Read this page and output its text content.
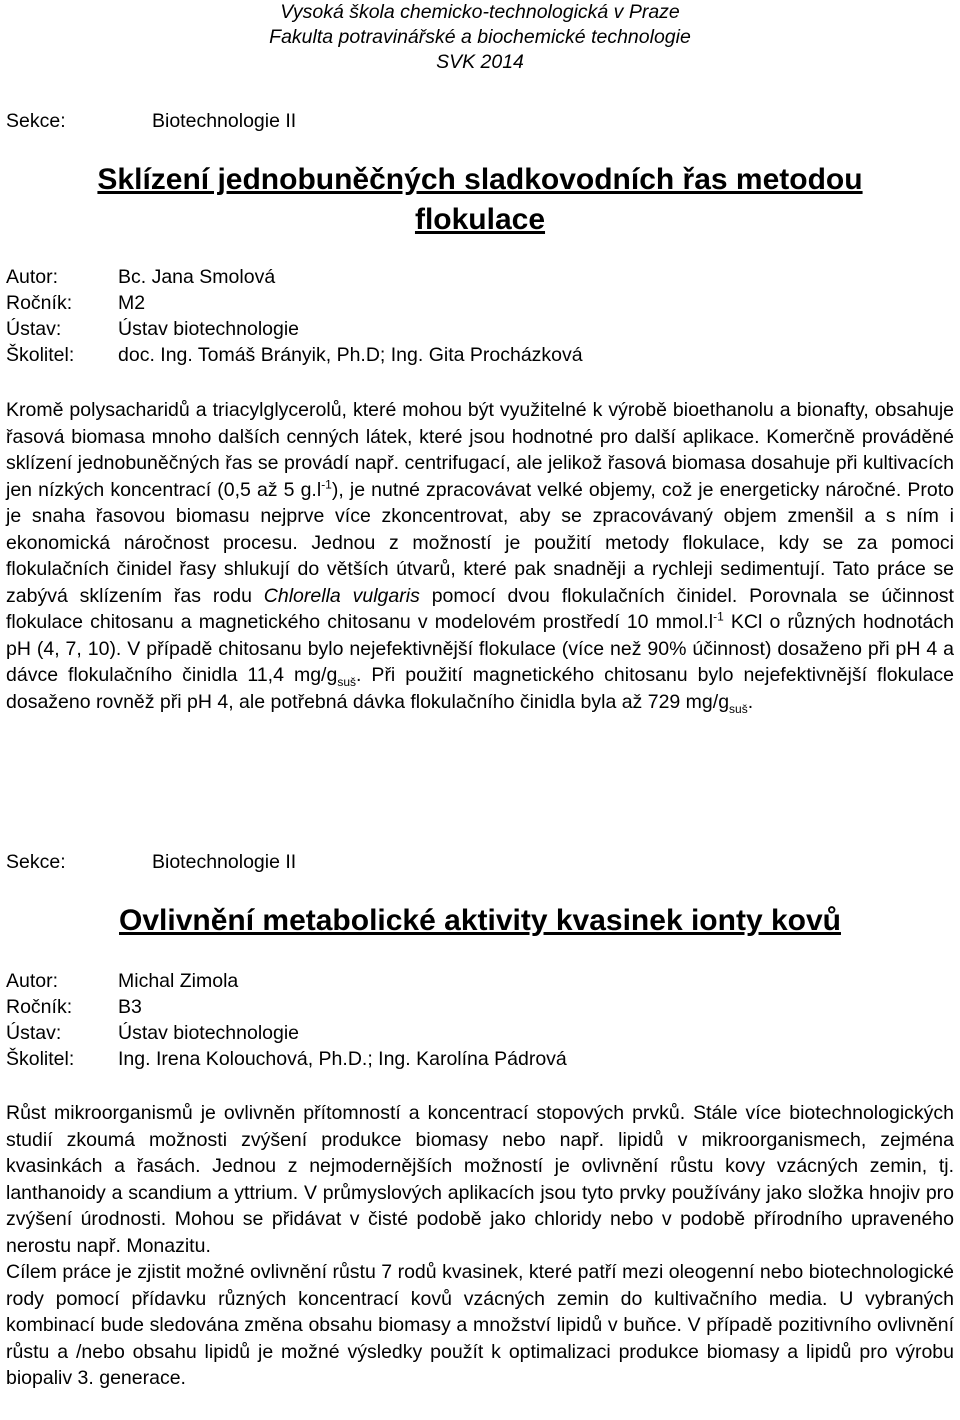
Vysoká škola chemicko-technologická v Praze
Fakulta potravinářské a biochemické technologie
SVK 2014
Sekce:	Biotechnologie II
Sklízení jednobuněčných sladkovodních řas metodou
flokulace
Autor:	Bc. Jana Smolová
Ročník: M2
Ústav:	Ústav biotechnologie
Školitel: doc. Ing. Tomáš Brányik, Ph.D; Ing. Gita Procházková

Kromě polysacharidů a triacylglycerolů, které mohou být využitelné k výrobě bioethanolu a bionafty, obsahuje řasová biomasa mnoho dalších cenných látek, které jsou hodnotné pro další aplikace. Komerčně prováděné sklízení jednobuněčných řas se provádí např. centrifugací, ale jelikož řasová biomasa dosahuje při kultivacích jen nízkých koncentrací (0,5 až 5 $g.l^{-1}$), je nutné zpracovávat velké objemy, což je energeticky náročné. Proto je snaha řasovou biomasu nejprve více zkoncentrovat, aby se zpracovávaný objem zmenšil a s ním i ekonomická náročnost procesu. Jednou z možností je použití metody flokulace, kdy se za pomoci flokulačních činidel řasy shlukují do větších útvarů, které pak snadněji a rychleji sedimentují. Tato práce se zabývá sklízením řas rodu Chlorella vulgaris pomocí dvou flokulačních činidel. Porovnala se účinnost flokulace chitosanu a magnetického chitosanu v modelovém prostředí 10 $mmol.l^{-1}$ KCl o různých hodnotách pH (4, 7, 10). V případě chitosanu bylo nejefektivnější flokulace (více než 90% účinnost) dosaženo při pH 4 a dávce flokulačního činidla 11,4 $mg/g_{suš}$. Při použití magnetického chitosanu bylo nejefektivnější flokulace dosaženo rovněž při pH 4, ale potřebná dávka flokulačního činidla byla až 729 $mg/g_{suš}$.

Sekce:	Biotechnologie II
Ovlivnění metabolické aktivity kvasinek ionty kovů
Autor:	Michal Zimola
Ročník: B3
Ústav:	Ústav biotechnologie
Školitel: Ing. Irena Kolouchová, Ph.D.; Ing. Karolína Pádrová

Růst mikroorganismů je ovlivněn přítomností a koncentrací stopových prvků. Stále více biotechnologických studií zkoumá možnosti zvýšení produkce biomasy nebo např. lipidů v mikroorganismech, zejména kvasinkách a řasách. Jednou z nejmodernějších možností je ovlivnění růstu kovy vzácných zemin, tj. lanthanoidy a scandium a yttrium. V průmyslových aplikacích jsou tyto prvky používány jako složka hnojiv pro zvýšení úrodnosti. Mohou se přidávat v čisté podobě jako chloridy nebo v podobě přírodního upraveného nerostu např. Monazitu.

Cílem práce je zjistit možné ovlivnění růstu 7 rodů kvasinek, které patří mezi oleogenní nebo biotechnologické rody pomocí přídavku různých koncentrací kovů vzácných zemin do kultivačního media. U vybraných kombinací bude sledována změna obsahu biomasy a množství lipidů v buňce. V případě pozitivního ovlivnění růstu a /nebo obsahu lipidů je možné výsledky použít k optimalizaci produkce biomasy a lipidů pro výrobu biopaliv 3. generace.
